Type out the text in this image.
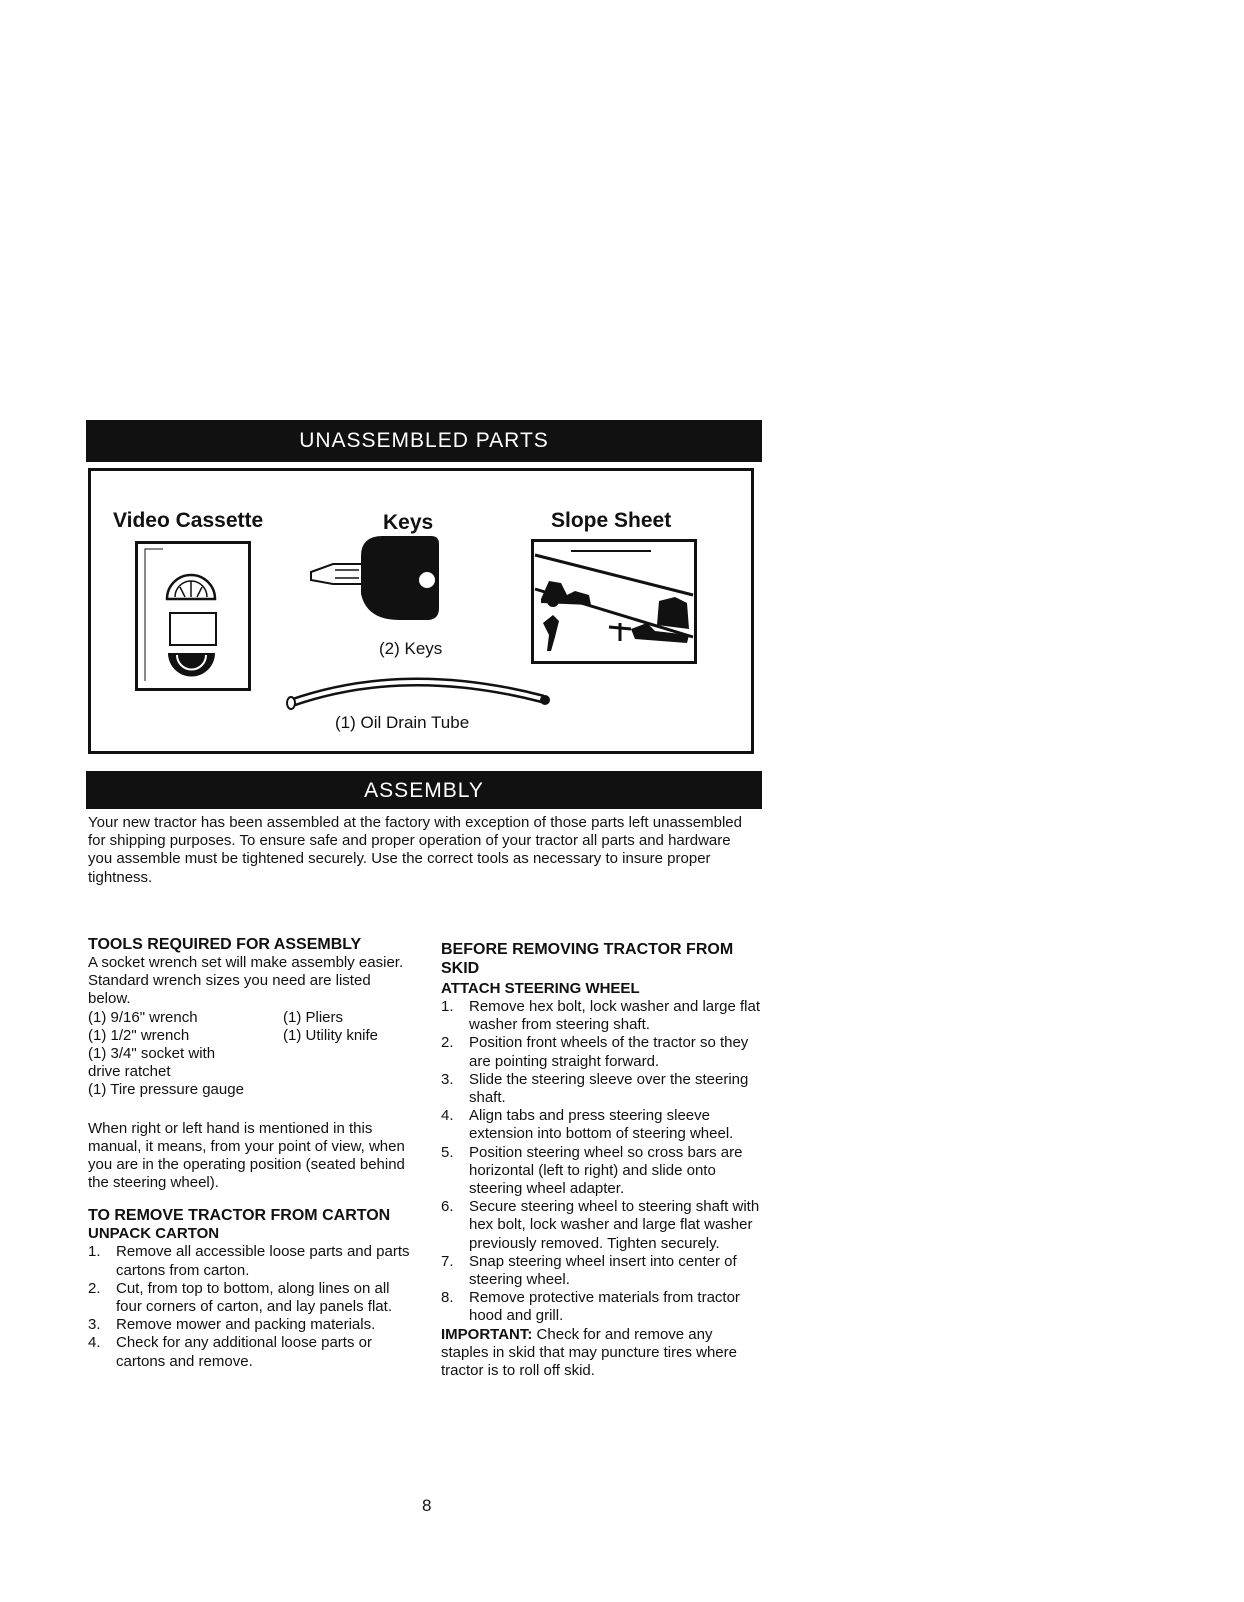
UNASSEMBLED PARTS
Video Cassette	Keys	Slope Sheet
(2) Keys
(1) Oil Drain Tube
ASSEMBLY
Your new tractor has been assembled at the factory with exception of those parts left unassembled for shipping purposes. To ensure safe and proper operation of your tractor all parts and hardware you assemble must be tightened securely. Use the correct tools as necessary to insure proper tightness.

TOOLS REQUIRED FOR ASSEMBLY

A socket wrench set will make assembly easier. Standard wrench sizes you need are listed below.

(1) 9/16" wrench	(1) Pliers
(1) 1/2" wrench	(1) Utility knife
(1) 3/4" socket with drive ratchet
(1) Tire pressure gauge

When right or left hand is mentioned in this manual, it means, from your point of view, when you are in the operating position (seated behind the steering wheel).

TO REMOVE TRACTOR FROM CARTON

UNPACK CARTON

1. Remove all accessible loose parts and parts cartons from carton.
2. Cut, from top to bottom, along lines on all four corners of carton, and lay panels flat.
3. Remove mower and packing materials.
4. Check for any additional loose parts or cartons and remove.

BEFORE REMOVING TRACTOR FROM SKID

ATTACH STEERING WHEEL

1. Remove hex bolt, lock washer and large flat washer from steering shaft.
2. Position front wheels of the tractor so they are pointing straight forward.
3. Slide the steering sleeve over the steering shaft.
4. Align tabs and press steering sleeve extension into bottom of steering wheel.
5. Position steering wheel so cross bars are horizontal (left to right) and slide onto steering wheel adapter.
6. Secure steering wheel to steering shaft with hex bolt, lock washer and large flat washer previously removed. Tighten securely.
7. Snap steering wheel insert into center of steering wheel.
8. Remove protective materials from tractor hood and grill.

IMPORTANT: Check for and remove any staples in skid that may puncture tires where tractor is to roll off skid.

8
